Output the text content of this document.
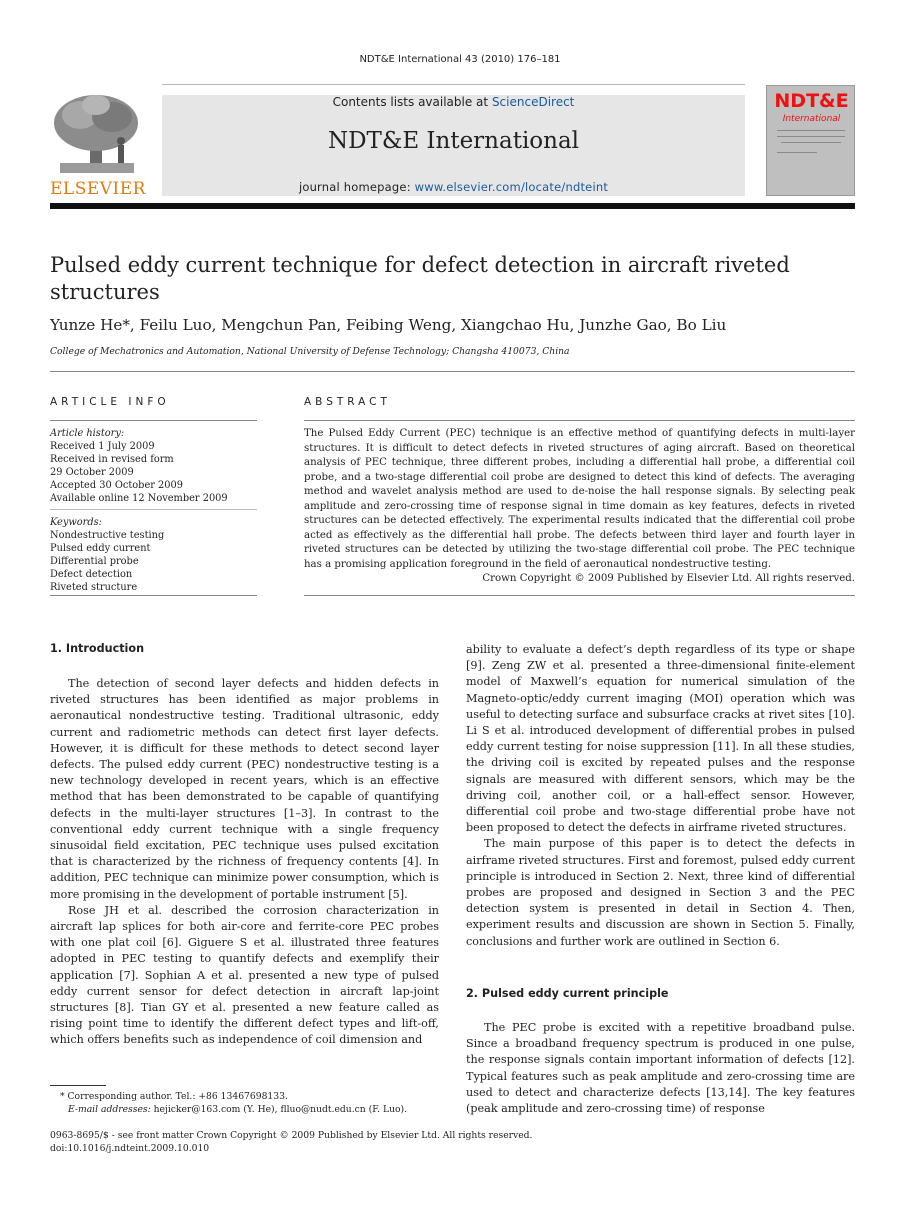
NDT&E International 43 (2010) 176–181
ELSEVIER
Contents lists available at ScienceDirect
NDT&E International
journal homepage: www.elsevier.com/locate/ndteint
NDT&E
International
Pulsed eddy current technique for defect detection in aircraft riveted structures
Yunze He*, Feilu Luo, Mengchun Pan, Feibing Weng, Xiangchao Hu, Junzhe Gao, Bo Liu
College of Mechatronics and Automation, National University of Defense Technology; Changsha 410073, China
ARTICLE INFO
Article history:
Received 1 July 2009
Received in revised form
29 October 2009
Accepted 30 October 2009
Available online 12 November 2009
Keywords:
Nondestructive testing
Pulsed eddy current
Differential probe
Defect detection
Riveted structure
ABSTRACT
The Pulsed Eddy Current (PEC) technique is an effective method of quantifying defects in multi-layer structures. It is difficult to detect defects in riveted structures of aging aircraft. Based on theoretical analysis of PEC technique, three different probes, including a differential hall probe, a differential coil probe, and a two-stage differential coil probe are designed to detect this kind of defects. The averaging method and wavelet analysis method are used to de-noise the hall response signals. By selecting peak amplitude and zero-crossing time of response signal in time domain as key features, defects in riveted structures can be detected effectively. The experimental results indicated that the differential coil probe acted as effectively as the differential hall probe. The defects between third layer and fourth layer in riveted structures can be detected by utilizing the two-stage differential coil probe. The PEC technique has a promising application foreground in the field of aeronautical nondestructive testing.
Crown Copyright © 2009 Published by Elsevier Ltd. All rights reserved.
1. Introduction

The detection of second layer defects and hidden defects in riveted structures has been identified as major problems in aeronautical nondestructive testing. Traditional ultrasonic, eddy current and radiometric methods can detect first layer defects. However, it is difficult for these methods to detect second layer defects. The pulsed eddy current (PEC) nondestructive testing is a new technology developed in recent years, which is an effective method that has been demonstrated to be capable of quantifying defects in the multi-layer structures [1–3]. In contrast to the conventional eddy current technique with a single frequency sinusoidal field excitation, PEC technique uses pulsed excitation that is characterized by the richness of frequency contents [4]. In addition, PEC technique can minimize power consumption, which is more promising in the development of portable instrument [5].

Rose JH et al. described the corrosion characterization in aircraft lap splices for both air-core and ferrite-core PEC probes with one plat coil [6]. Giguere S et al. illustrated three features adopted in PEC testing to quantify defects and exemplify their application [7]. Sophian A et al. presented a new type of pulsed eddy current sensor for defect detection in aircraft lap-joint structures [8]. Tian GY et al. presented a new feature called as rising point time to identify the different defect types and lift-off, which offers benefits such as independence of coil dimension and

ability to evaluate a defect’s depth regardless of its type or shape [9]. Zeng ZW et al. presented a three-dimensional finite-element model of Maxwell’s equation for numerical simulation of the Magneto-optic/eddy current imaging (MOI) operation which was useful to detecting surface and subsurface cracks at rivet sites [10]. Li S et al. introduced development of differential probes in pulsed eddy current testing for noise suppression [11]. In all these studies, the driving coil is excited by repeated pulses and the response signals are measured with different sensors, which may be the driving coil, another coil, or a hall-effect sensor. However, differential coil probe and two-stage differential probe have not been proposed to detect the defects in airframe riveted structures.

The main purpose of this paper is to detect the defects in airframe riveted structures. First and foremost, pulsed eddy current principle is introduced in Section 2. Next, three kind of differential probes are proposed and designed in Section 3 and the PEC detection system is presented in detail in Section 4. Then, experiment results and discussion are shown in Section 5. Finally, conclusions and further work are outlined in Section 6.

2. Pulsed eddy current principle

The PEC probe is excited with a repetitive broadband pulse. Since a broadband frequency spectrum is produced in one pulse, the response signals contain important information of defects [12]. Typical features such as peak amplitude and zero-crossing time are used to detect and characterize defects [13,14]. The key features (peak amplitude and zero-crossing time) of response

* Corresponding author. Tel.: +86 13467698133.
E-mail addresses: hejicker@163.com (Y. He), flluo@nudt.edu.cn (F. Luo).
0963-8695/$ - see front matter Crown Copyright © 2009 Published by Elsevier Ltd. All rights reserved.
doi:10.1016/j.ndteint.2009.10.010
